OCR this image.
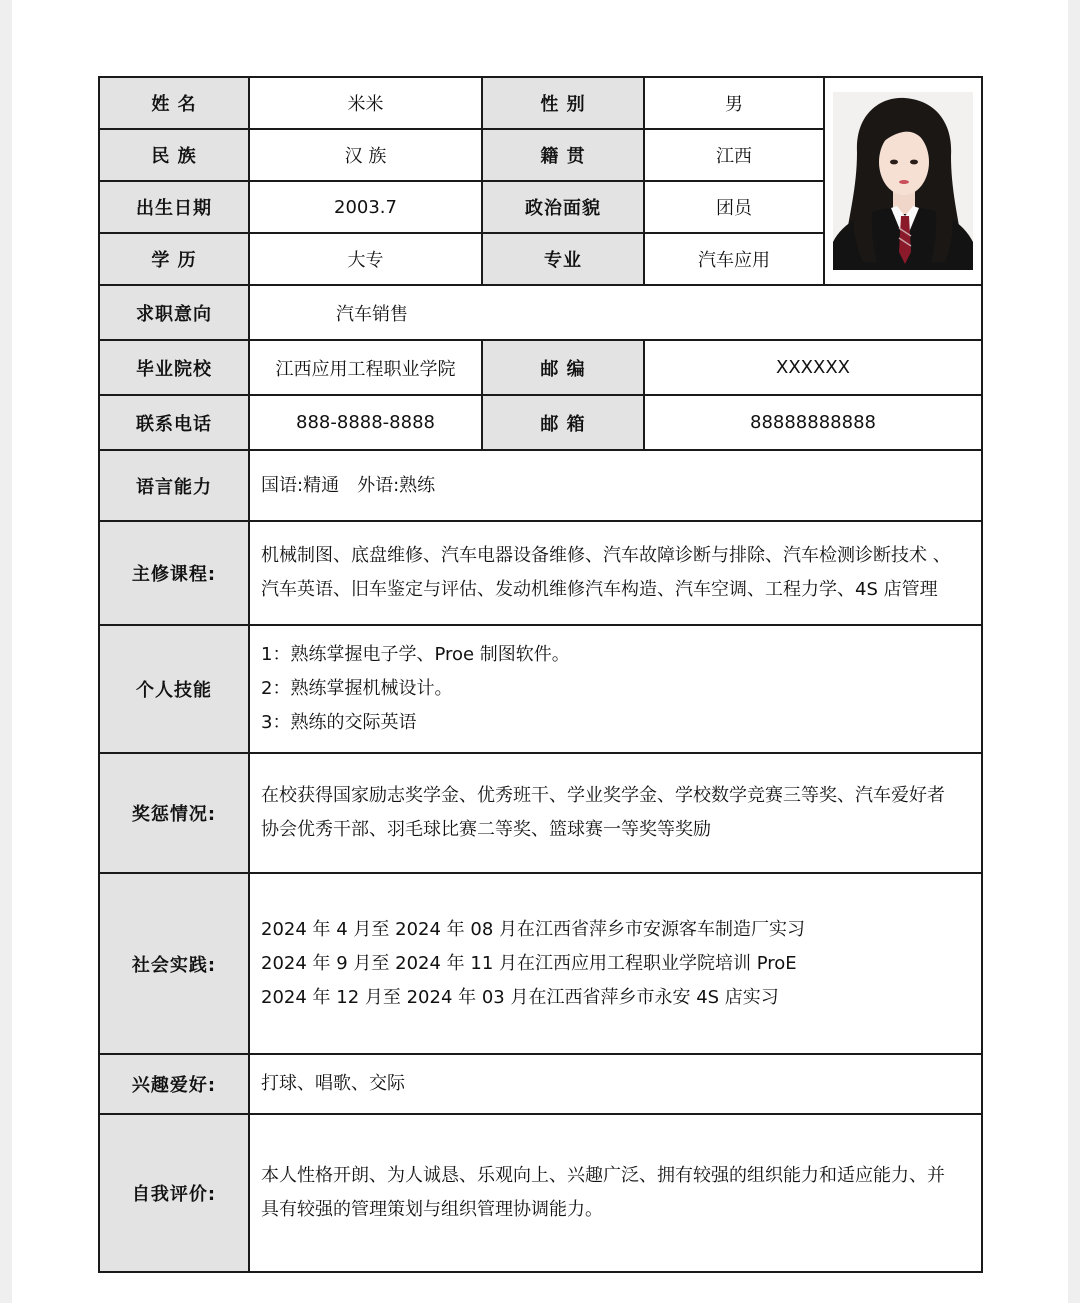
姓 名	米米	性 别	男	

民 族	汉 族	籍 贯	江西	
出生日期	2003.7	政治面貌	团员	
学 历	大专	专业	汽车应用	
求职意向	汽车销售			
毕业院校	江西应用工程职业学院	邮 编	XXXXXX	
联系电话	888-8888-8888	邮 箱	88888888888	
语言能力	国语:精通 外语:熟练			
主修课程:	机械制图、底盘维修、汽车电器设备维修、汽车故障诊断与排除、汽车检测诊断技术 、
汽车英语、旧车鉴定与评估、发动机维修汽车构造、汽车空调、工程力学、4S 店管理			

个人技能	1：熟练掌握电子学、Proe 制图软件。
2：熟练掌握机械设计。
3：熟练的交际英语			

奖惩情况:	在校获得国家励志奖学金、优秀班干、学业奖学金、学校数学竞赛三等奖、汽车爱好者
协会优秀干部、羽毛球比赛二等奖、篮球赛一等奖等奖励			

社会实践:	2024 年 4 月至 2024 年 08 月在江西省萍乡市安源客车制造厂实习
2024 年 9 月至 2024 年 11 月在江西应用工程职业学院培训 ProE
2024 年 12 月至 2024 年 03 月在江西省萍乡市永安 4S 店实习			

兴趣爱好:	打球、唱歌、交际			
自我评价:	本人性格开朗、为人诚恳、乐观向上、兴趣广泛、拥有较强的组织能力和适应能力、并
具有较强的管理策划与组织管理协调能力。			
